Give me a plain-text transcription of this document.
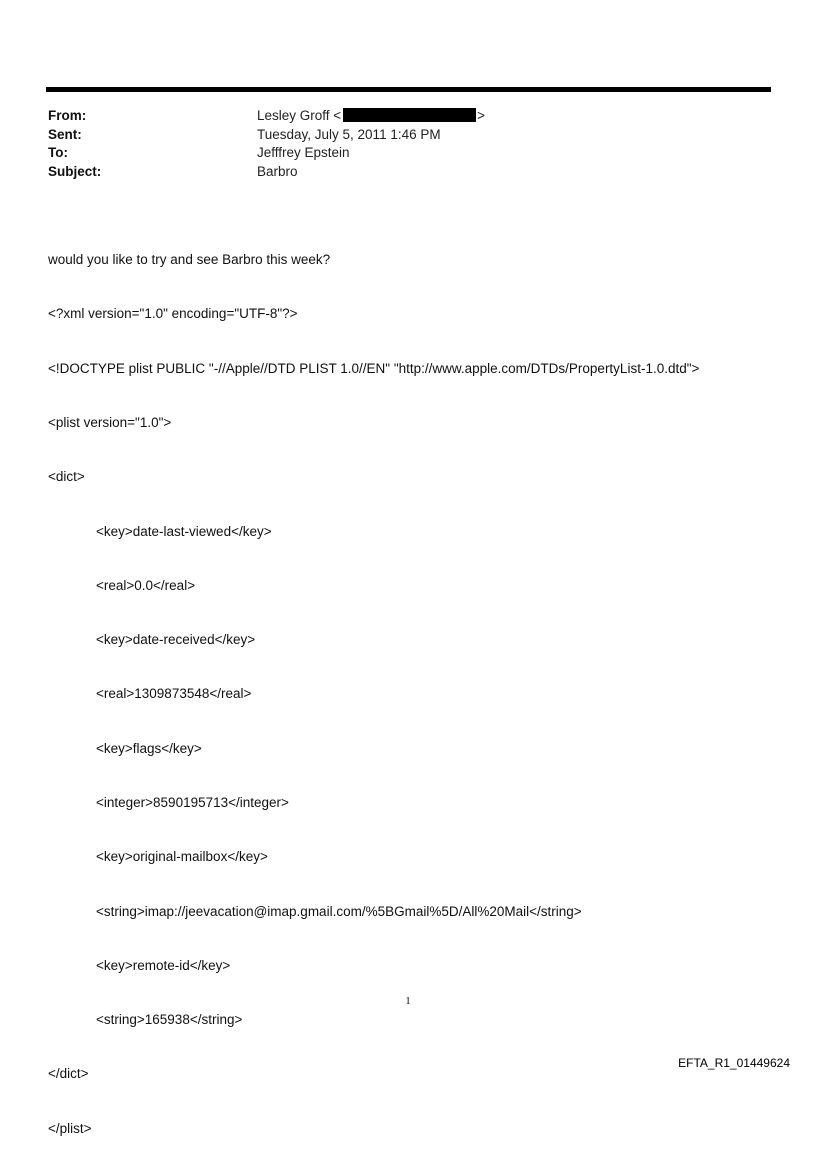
From:	Lesley Groff <	>
Sent:	Tuesday, July 5, 2011 1:46 PM
To:	Jefffrey Epstein
Subject:	Barbro

would you like to try and see Barbro this week?

<?xml version="1.0" encoding="UTF-8"?>

<!DOCTYPE plist PUBLIC "-//Apple//DTD PLIST 1.0//EN" "http://www.apple.com/DTDs/PropertyList-1.0.dtd">

<plist version="1.0">

<dict>

<key>date-last-viewed</key>

<real>0.0</real>

<key>date-received</key>

<real>1309873548</real>

<key>flags</key>

<integer>8590195713</integer>

<key>original-mailbox</key>

<string>imap://jeevacation@imap.gmail.com/%5BGmail%5D/All%20Mail</string>

<key>remote-id</key>

<string>165938</string>

</dict>

</plist>

1
EFTA_R1_01449624
